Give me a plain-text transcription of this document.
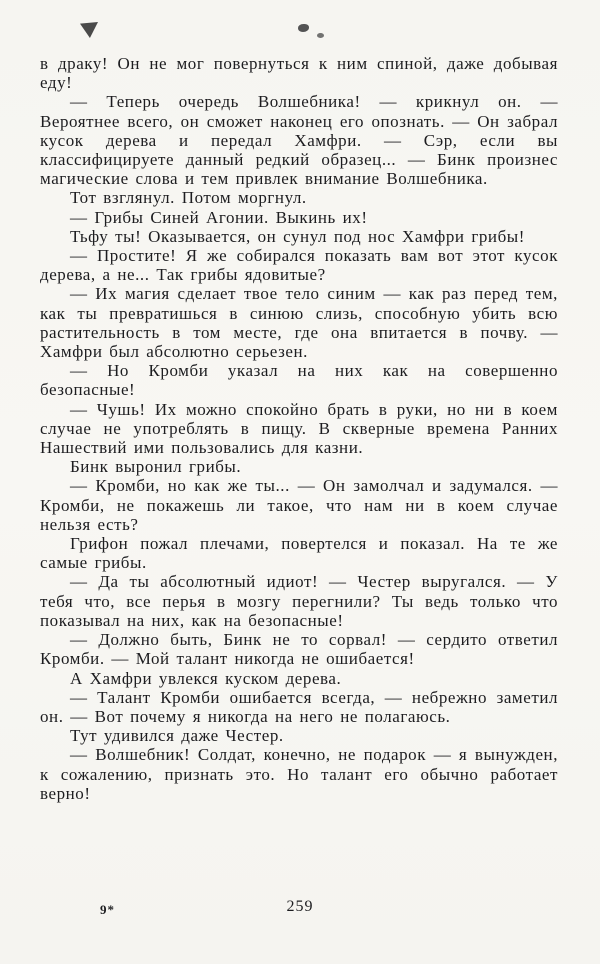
в драку! Он не мог повернуться к ним спиной, даже добывая еду!

— Теперь очередь Волшебника! — крикнул он. — Вероятнее всего, он сможет наконец его опознать. — Он забрал кусок дерева и передал Хамфри. — Сэр, если вы классифицируете данный редкий образец... — Бинк произнес магические слова и тем привлек внимание Волшебника.

Тот взглянул. Потом моргнул.

— Грибы Синей Агонии. Выкинь их!

Тьфу ты! Оказывается, он сунул под нос Хамфри грибы!

— Простите! Я же собирался показать вам вот этот кусок дерева, а не... Так грибы ядовитые?

— Их магия сделает твое тело синим — как раз перед тем, как ты превратишься в синюю слизь, способную убить всю растительность в том месте, где она впитается в почву. — Хамфри был абсолютно серьезен.

— Но Кромби указал на них как на совершенно безопасные!

— Чушь! Их можно спокойно брать в руки, но ни в коем случае не употреблять в пищу. В скверные времена Ранних Нашествий ими пользовались для казни.

Бинк выронил грибы.

— Кромби, но как же ты... — Он замолчал и задумался. — Кромби, не покажешь ли такое, что нам ни в коем случае нельзя есть?

Грифон пожал плечами, повертелся и показал. На те же самые грибы.

— Да ты абсолютный идиот! — Честер выругался. — У тебя что, все перья в мозгу перегнили? Ты ведь только что показывал на них, как на безопасные!

— Должно быть, Бинк не то сорвал! — сердито ответил Кромби. — Мой талант никогда не ошибается!

А Хамфри увлекся куском дерева.

— Талант Кромби ошибается всегда, — небрежно заметил он. — Вот почему я никогда на него не полагаюсь.

Тут удивился даже Честер.

— Волшебник! Солдат, конечно, не подарок — я вынужден, к сожалению, признать это. Но талант его обычно работает верно!

9*	259
